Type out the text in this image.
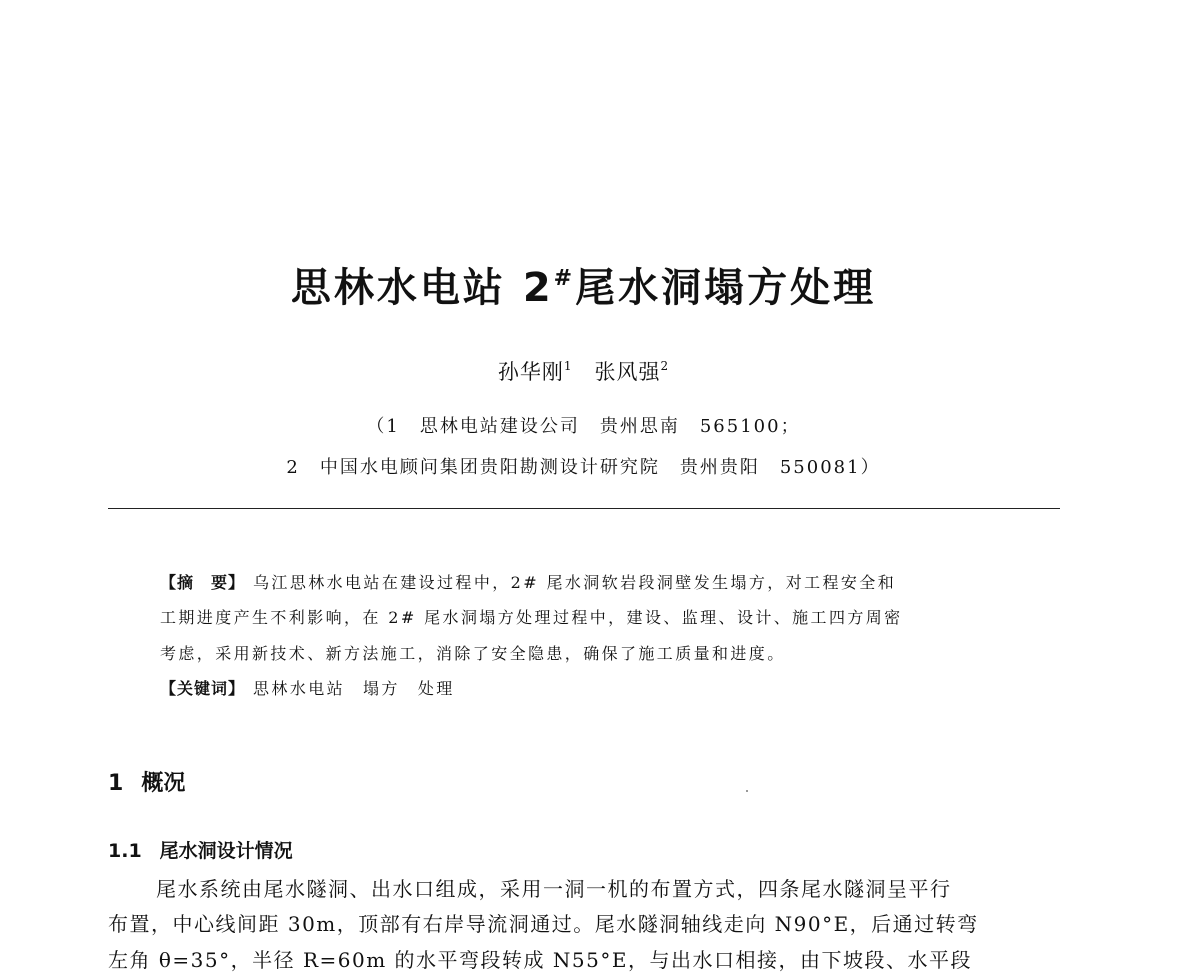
思林水电站 2#尾水洞塌方处理
孙华刚$^1$ 张风强$^2$
（1　思林电站建设公司　贵州思南　565100；
2　中国水电顾问集团贵阳勘测设计研究院　贵州贵阳　550081）
【摘　要】 乌江思林水电站在建设过程中，2# 尾水洞软岩段洞壁发生塌方，对工程安全和
工期进度产生不利影响，在 2# 尾水洞塌方处理过程中，建设、监理、设计、施工四方周密
考虑，采用新技术、新方法施工，消除了安全隐患，确保了施工质量和进度。
【关键词】 思林水电站 塌方 处理
1 概况
1.1 尾水洞设计情况
尾水系统由尾水隧洞、出水口组成，采用一洞一机的布置方式，四条尾水隧洞呈平行
布置，中心线间距 30m，顶部有右岸导流洞通过。尾水隧洞轴线走向 N90°E，后通过转弯
左角 θ=35°，半径 R=60m 的水平弯段转成 N55°E，与出水口相接，由下坡段、水平段
